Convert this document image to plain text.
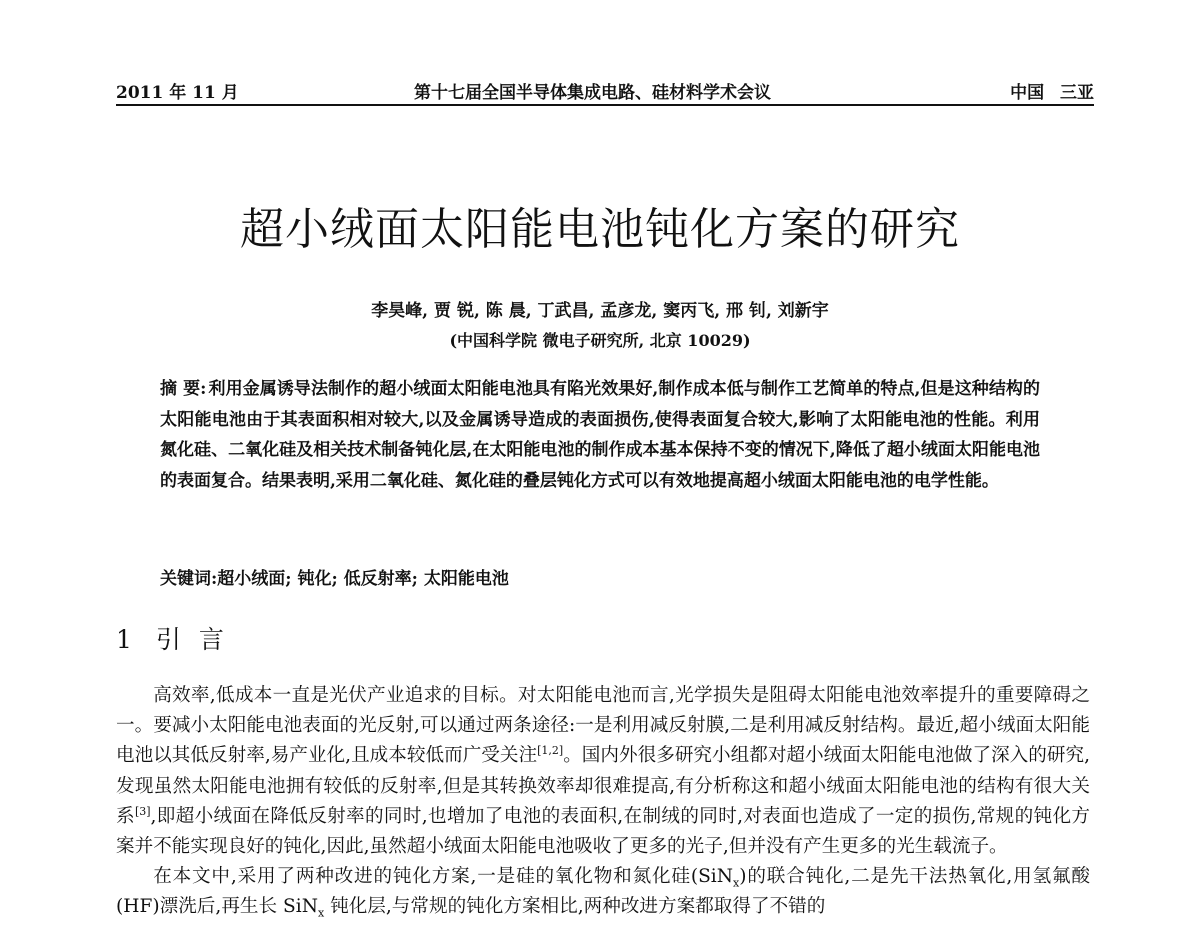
2011 年 11 月	第十七届全国半导体集成电路、硅材料学术会议	中国 三亚
超小绒面太阳能电池钝化方案的研究
李昊峰, 贾 锐, 陈 晨, 丁武昌, 孟彦龙, 窦丙飞, 邢 钊, 刘新宇
(中国科学院 微电子研究所, 北京 10029)
摘 要: 利用金属诱导法制作的超小绒面太阳能电池具有陷光效果好,制作成本低与制作工艺简单的特点,但是这种结构的太阳能电池由于其表面积相对较大,以及金属诱导造成的表面损伤,使得表面复合较大,影响了太阳能电池的性能。利用氮化硅、二氧化硅及相关技术制备钝化层,在太阳能电池的制作成本基本保持不变的情况下,降低了超小绒面太阳能电池的表面复合。结果表明,采用二氧化硅、氮化硅的叠层钝化方式可以有效地提高超小绒面太阳能电池的电学性能。
关键词:超小绒面; 钝化; 低反射率; 太阳能电池
1 引言

高效率,低成本一直是光伏产业追求的目标。对太阳能电池而言,光学损失是阻碍太阳能电池效率提升的重要障碍之一。要减小太阳能电池表面的光反射,可以通过两条途径:一是利用减反射膜,二是利用减反射结构。最近,超小绒面太阳能电池以其低反射率,易产业化,且成本较低而广受关注[1,2]。国内外很多研究小组都对超小绒面太阳能电池做了深入的研究,发现虽然太阳能电池拥有较低的反射率,但是其转换效率却很难提高,有分析称这和超小绒面太阳能电池的结构有很大关系[3],即超小绒面在降低反射率的同时,也增加了电池的表面积,在制绒的同时,对表面也造成了一定的损伤,常规的钝化方案并不能实现良好的钝化,因此,虽然超小绒面太阳能电池吸收了更多的光子,但并没有产生更多的光生载流子。

在本文中,采用了两种改进的钝化方案,一是硅的氧化物和氮化硅(SiN$_x$)的联合钝化,二是先干法热氧化,用氢氟酸(HF)漂洗后,再生长 SiN$_x$ 钝化层,与常规的钝化方案相比,两种改进方案都取得了不错的
